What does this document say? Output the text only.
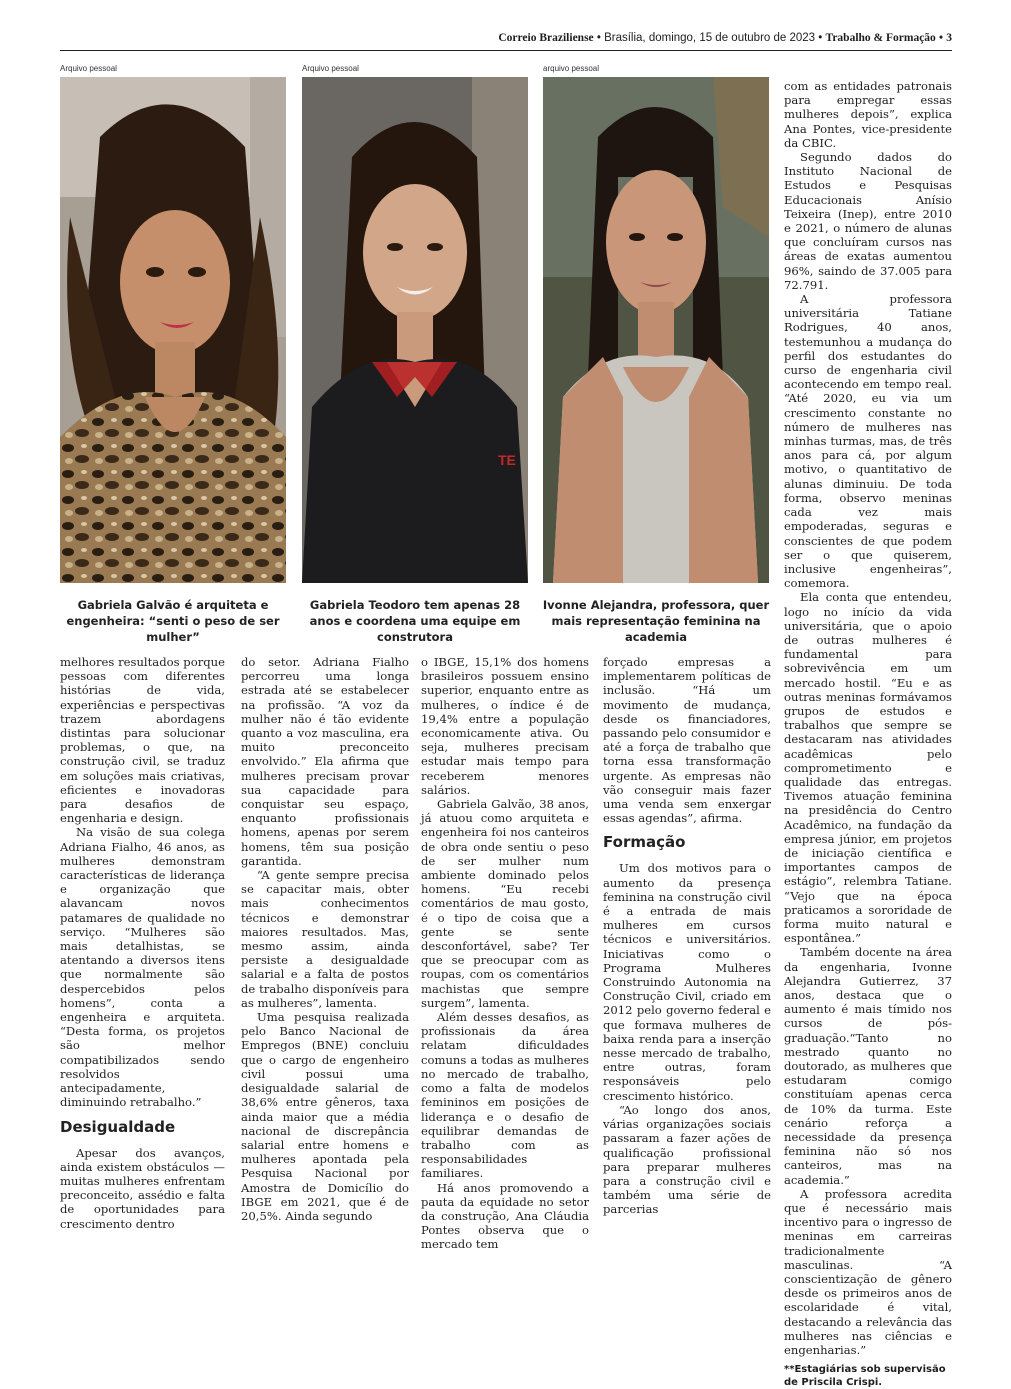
Correio Braziliense • Brasília, domingo, 15 de outubro de 2023 • Trabalho & Formação • 3
Arquivo pessoal	Arquivo pessoal	arquivo pessoal
TE
Gabriela Galvão é arquiteta e engenheira: “senti o peso de ser mulher”
Gabriela Teodoro tem apenas 28 anos e coordena uma equipe em construtora
Ivonne Alejandra, professora, quer mais representação feminina na academia

melhores resultados porque pessoas com diferentes histórias de vida, experiências e perspectivas trazem abordagens distintas para solucionar problemas, o que, na construção civil, se traduz em soluções mais criativas, eficientes e inovadoras para desafios de engenharia e design.

Na visão de sua colega Adriana Fialho, 46 anos, as mulheres demonstram características de liderança e organização que alavancam novos patamares de qualidade no serviço. “Mulheres são mais detalhistas, se atentando a diversos itens que normalmente são despercebidos pelos homens”, conta a engenheira e arquiteta. “Desta forma, os projetos são melhor compatibilizados sendo resolvidos antecipadamente, diminuindo retrabalho.”

Desigualdade

Apesar dos avanços, ainda existem obstáculos — muitas mulheres enfrentam preconceito, assédio e falta de oportunidades para crescimento dentro

do setor. Adriana Fialho percorreu uma longa estrada até se estabelecer na profissão. “A voz da mulher não é tão evidente quanto a voz masculina, era muito preconceito envolvido.” Ela afirma que mulheres precisam provar sua capacidade para conquistar seu espaço, enquanto profissionais homens, apenas por serem homens, têm sua posição garantida.

“A gente sempre precisa se capacitar mais, obter mais conhecimentos técnicos e demonstrar maiores resultados. Mas, mesmo assim, ainda persiste a desigualdade salarial e a falta de postos de trabalho disponíveis para as mulheres”, lamenta.

Uma pesquisa realizada pelo Banco Nacional de Empregos (BNE) concluiu que o cargo de engenheiro civil possui uma desigualdade salarial de 38,6% entre gêneros, taxa ainda maior que a média nacional de discrepância salarial entre homens e mulheres apontada pela Pesquisa Nacional por Amostra de Domicílio do IBGE em 2021, que é de 20,5%. Ainda segundo

o IBGE, 15,1% dos homens brasileiros possuem ensino superior, enquanto entre as mulheres, o índice é de 19,4% entre a população economicamente ativa. Ou seja, mulheres precisam estudar mais tempo para receberem menores salários.

Gabriela Galvão, 38 anos, já atuou como arquiteta e engenheira foi nos canteiros de obra onde sentiu o peso de ser mulher num ambiente dominado pelos homens. “Eu recebi comentários de mau gosto, é o tipo de coisa que a gente se sente desconfortável, sabe? Ter que se preocupar com as roupas, com os comentários machistas que sempre surgem”, lamenta.

Além desses desafios, as profissionais da área relatam dificuldades comuns a todas as mulheres no mercado de trabalho, como a falta de modelos femininos em posições de liderança e o desafio de equilibrar demandas de trabalho com as responsabilidades familiares.

Há anos promovendo a pauta da equidade no setor da construção, Ana Cláudia Pontes observa que o mercado tem

forçado empresas a implementarem políticas de inclusão. “Há um movimento de mudança, desde os financiadores, passando pelo consumidor e até a força de trabalho que torna essa transformação urgente. As empresas não vão conseguir mais fazer uma venda sem enxergar essas agendas”, afirma.

Formação

Um dos motivos para o aumento da presença feminina na construção civil é a entrada de mais mulheres em cursos técnicos e universitários. Iniciativas como o Programa Mulheres Construindo Autonomia na Construção Civil, criado em 2012 pelo governo federal e que formava mulheres de baixa renda para a inserção nesse mercado de trabalho, entre outras, foram responsáveis pelo crescimento histórico.

“Ao longo dos anos, várias organizações sociais passaram a fazer ações de qualificação profissional para preparar mulheres para a construção civil e também uma série de parcerias

com as entidades patronais para empregar essas mulheres depois”, explica Ana Pontes, vice-presidente da CBIC.

Segundo dados do Instituto Nacional de Estudos e Pesquisas Educacionais Anísio Teixeira (Inep), entre 2010 e 2021, o número de alunas que concluíram cursos nas áreas de exatas aumentou 96%, saindo de 37.005 para 72.791.

A professora universitária Tatiane Rodrigues, 40 anos, testemunhou a mudança do perfil dos estudantes do curso de engenharia civil acontecendo em tempo real. “Até 2020, eu via um crescimento constante no número de mulheres nas minhas turmas, mas, de três anos para cá, por algum motivo, o quantitativo de alunas diminuiu. De toda forma, observo meninas cada vez mais empoderadas, seguras e conscientes de que podem ser o que quiserem, inclusive engenheiras”, comemora.

Ela conta que entendeu, logo no início da vida universitária, que o apoio de outras mulheres é fundamental para sobrevivência em um mercado hostil. “Eu e as outras meninas formávamos grupos de estudos e trabalhos que sempre se destacaram nas atividades acadêmicas pelo comprometimento e qualidade das entregas. Tivemos atuação feminina na presidência do Centro Acadêmico, na fundação da empresa júnior, em projetos de iniciação científica e importantes campos de estágio”, relembra Tatiane. “Vejo que na época praticamos a sororidade de forma muito natural e espontânea.”

Também docente na área da engenharia, Ivonne Alejandra Gutierrez, 37 anos, destaca que o aumento é mais tímido nos cursos de pós-graduação.“Tanto no mestrado quanto no doutorado, as mulheres que estudaram comigo constituíam apenas cerca de 10% da turma. Este cenário reforça a necessidade da presença feminina não só nos canteiros, mas na academia.”

A professora acredita que é necessário mais incentivo para o ingresso de meninas em carreiras tradicionalmente masculinas. “A conscientização de gênero desde os primeiros anos de escolaridade é vital, destacando a relevância das mulheres nas ciências e engenharias.”

**Estagiárias sob supervisão de Priscila Crispi.
